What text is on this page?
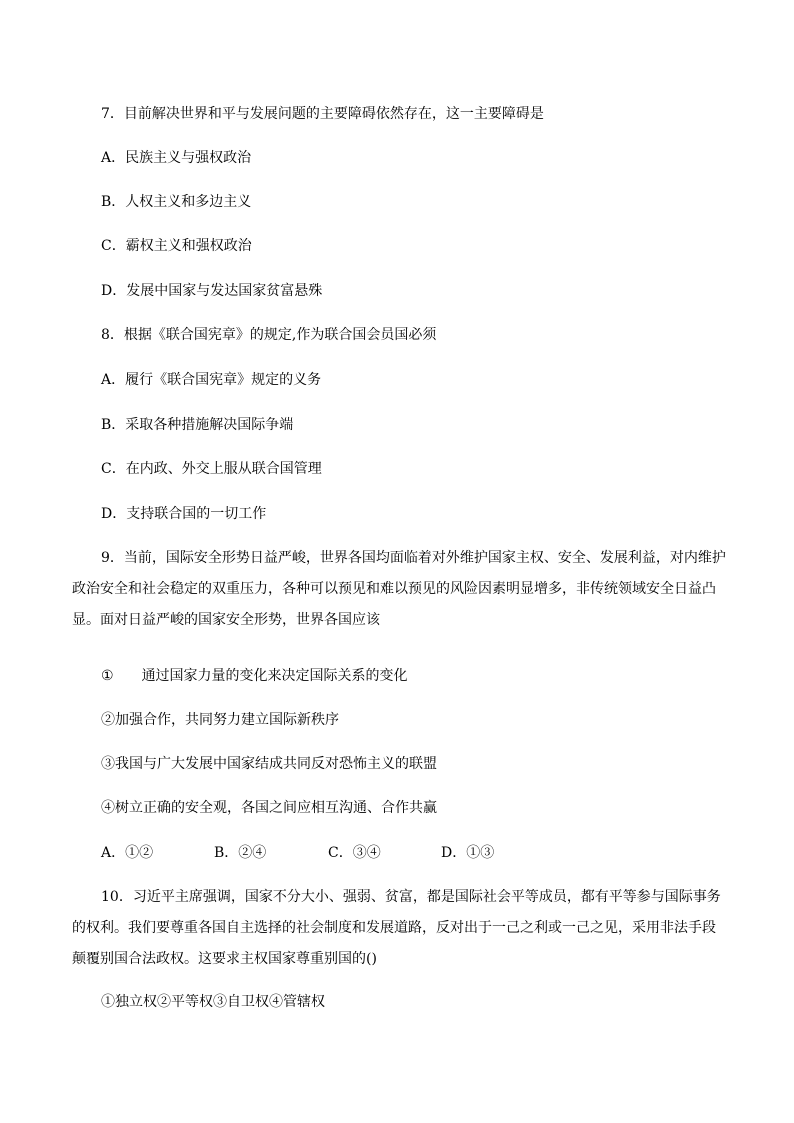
7．目前解决世界和平与发展问题的主要障碍依然存在，这一主要障碍是

A．民族主义与强权政治

B．人权主义和多边主义

C．霸权主义和强权政治

D．发展中国家与发达国家贫富悬殊

8．根据《联合国宪章》的规定,作为联合国会员国必须

A．履行《联合国宪章》规定的义务

B．采取各种措施解决国际争端

C．在内政、外交上服从联合国管理

D．支持联合国的一切工作

9．当前，国际安全形势日益严峻，世界各国均面临着对外维护国家主权、安全、发展利益，对内维护
政治安全和社会稳定的双重压力，各种可以预见和难以预见的风险因素明显增多，非传统领域安全日益凸
显。面对日益严峻的国家安全形势，世界各国应该

① 通过国家力量的变化来决定国际关系的变化

②加强合作，共同努力建立国际新秩序

③我国与广大发展中国家结成共同反对恐怖主义的联盟

④树立正确的安全观，各国之间应相互沟通、合作共赢

A．①②	B．②④	C．③④	D．①③
10．习近平主席强调，国家不分大小、强弱、贫富，都是国际社会平等成员，都有平等参与国际事务
的权利。我们要尊重各国自主选择的社会制度和发展道路，反对出于一己之利或一己之见，采用非法手段
颠覆别国合法政权。这要求主权国家尊重别国的()

①独立权②平等权③自卫权④管辖权
